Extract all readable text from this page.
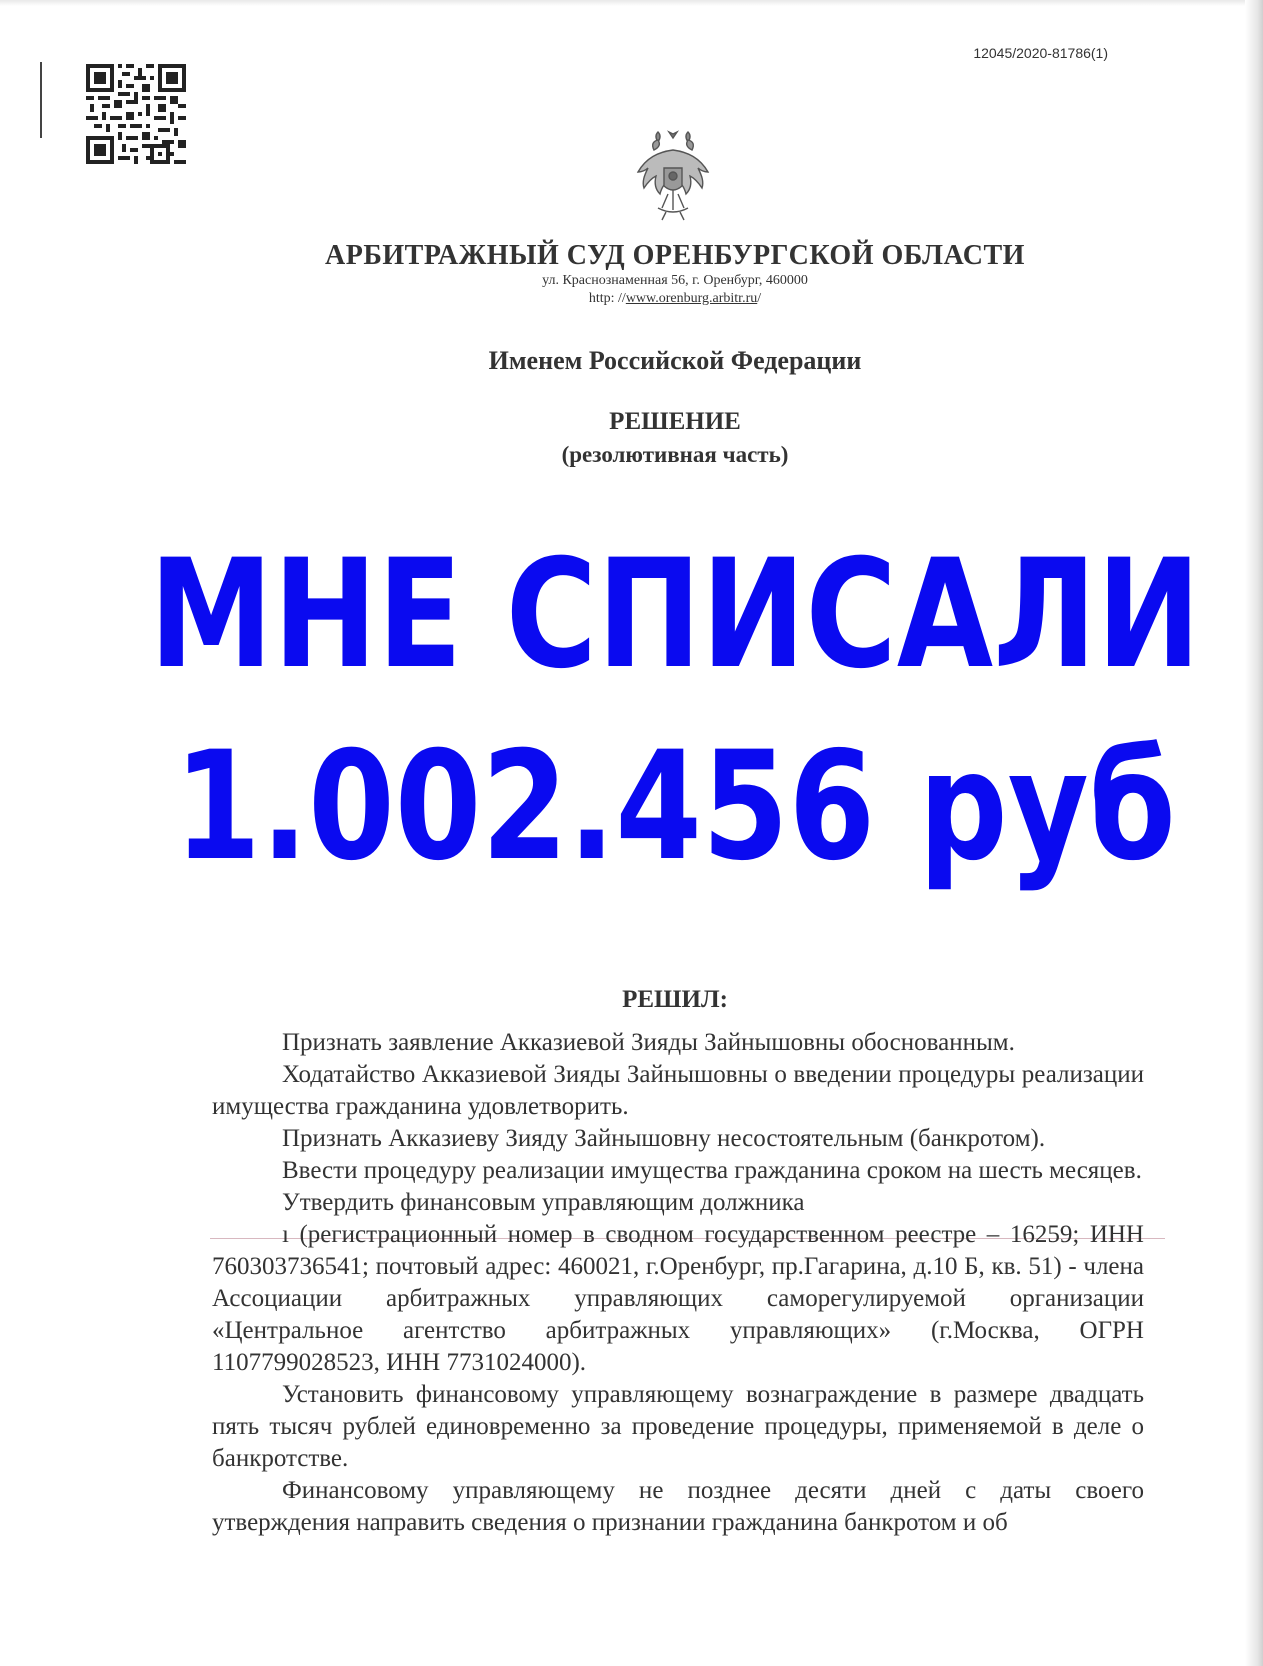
12045/2020-81786(1)
АРБИТРАЖНЫЙ СУД ОРЕНБУРГСКОЙ ОБЛАСТИ
ул. Краснознаменная 56, г. Оренбург, 460000
http: //www.orenburg.arbitr.ru/
Именем Российской Федерации
РЕШЕНИЕ
(резолютивная часть)
МНЕ СПИСАЛИ
1.002.456 руб
РЕШИЛ:

Признать заявление Акказиевой Зияды Зайнышовны обоснованным.

Ходатайство Акказиевой Зияды Зайнышовны о введении процедуры реализации имущества гражданина удовлетворить.

Признать Акказиеву Зияду Зайнышовну несостоятельным (банкротом).

Ввести процедуру реализации имущества гражданина сроком на шесть месяцев.

Утвердить финансовым управляющим должника

ı (регистрационный номер в сводном государственном реестре – 16259; ИНН 760303736541; почтовый адрес: 460021, г.Оренбург, пр.Гагарина, д.10 Б, кв. 51) - члена Ассоциации арбитражных управляющих саморегулируемой организации «Центральное агентство арбитражных управляющих» (г.Москва, ОГРН 1107799028523, ИНН 7731024000).

Установить финансовому управляющему вознаграждение в размере двадцать пять тысяч рублей единовременно за проведение процедуры, применяемой в деле о банкротстве.

Финансовому управляющему не позднее десяти дней с даты своего утверждения направить сведения о признании гражданина банкротом и об
